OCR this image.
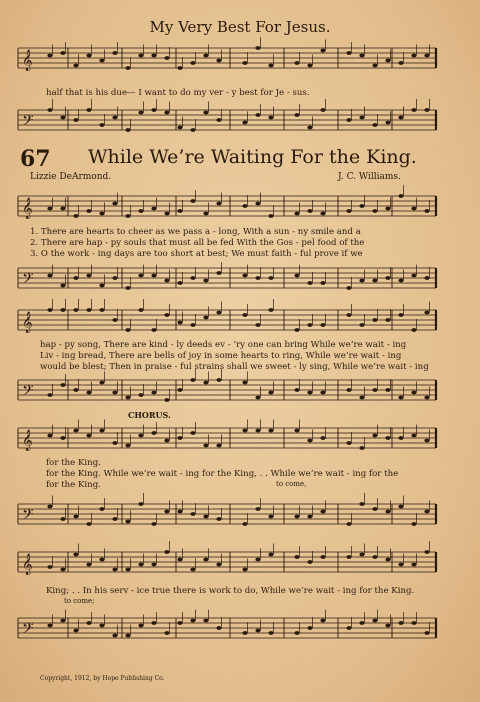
My Very Best For Jesus.
𝄞
half that is his due— I want to do my ver - y best for Je - sus.
𝄢
67 While We’re Waiting For the King.
Lizzie DeArmond.	J. C. Williams.
𝄞
1. There are hearts to cheer as we pass a - long, With a sun - ny smile and a
2. There are hap - py souls that must all be fed With the Gos - pel food of the
3. O the work - ing days are too short at best; We must faith - ful prove if we
𝄢
𝄞
hap - py song, There are kind - ly deeds ev - ’ry one can bring While we’re wait - ing
Liv - ing bread, There are bells of joy in some hearts to ring, While we’re wait - ing
would be blest; Then in praise - ful strains shall we sweet - ly sing, While we’re wait - ing
𝄢
CHORUS.
𝄞
for the King.
for the King. While we’re wait - ing for the King, . . While we’re wait - ing for the
for the King.	to come,
𝄢
𝄞
King; . . In his serv - ice true there is work to do, While we’re wait - ing for the King.
to come;
𝄢
Copyright, 1912, by Hope Publishing Co.
